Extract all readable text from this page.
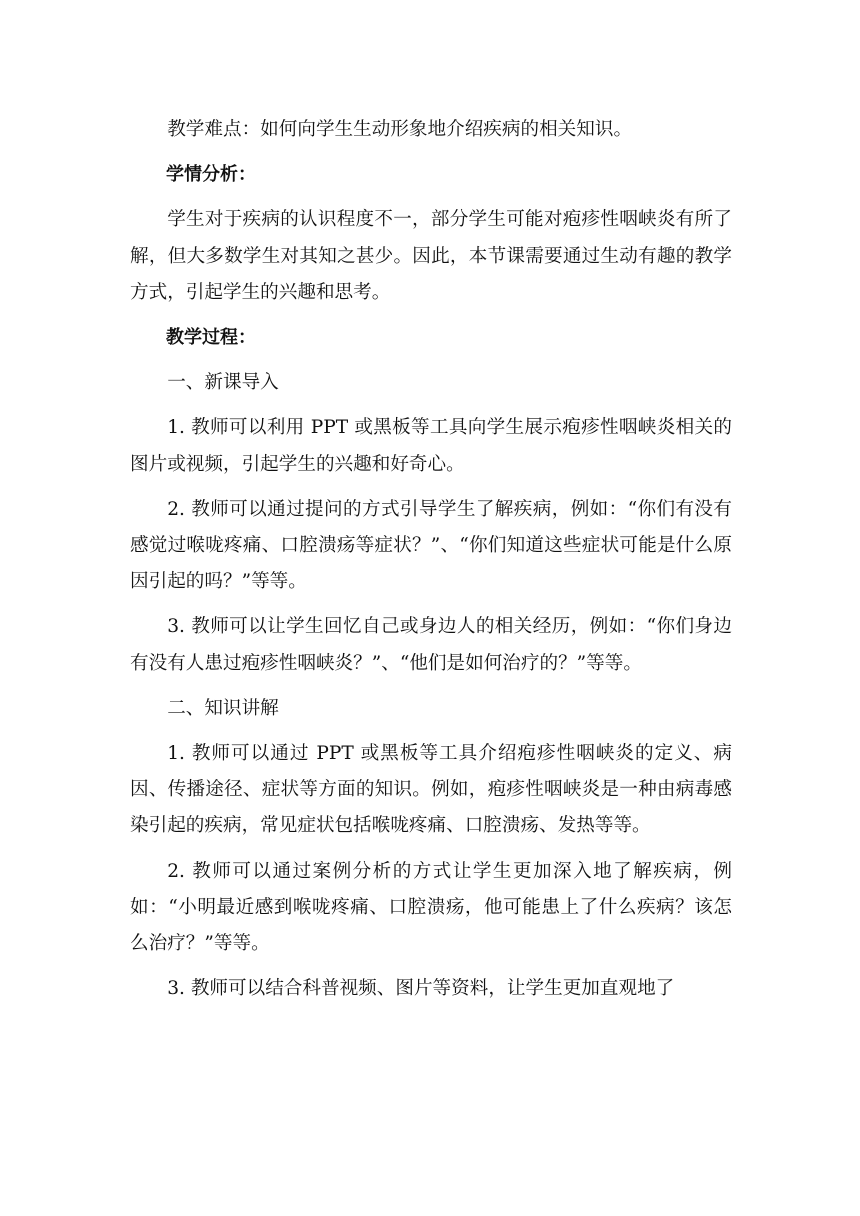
教学难点：如何向学生生动形象地介绍疾病的相关知识。

学情分析：

学生对于疾病的认识程度不一，部分学生可能对疱疹性咽峡炎有所了解，但大多数学生对其知之甚少。因此，本节课需要通过生动有趣的教学方式，引起学生的兴趣和思考。

教学过程：

一、新课导入

1. 教师可以利用 PPT 或黑板等工具向学生展示疱疹性咽峡炎相关的图片或视频，引起学生的兴趣和好奇心。

2. 教师可以通过提问的方式引导学生了解疾病，例如：“你们有没有感觉过喉咙疼痛、口腔溃疡等症状？”、“你们知道这些症状可能是什么原因引起的吗？”等等。

3. 教师可以让学生回忆自己或身边人的相关经历，例如：“你们身边有没有人患过疱疹性咽峡炎？”、“他们是如何治疗的？”等等。

二、知识讲解

1. 教师可以通过 PPT 或黑板等工具介绍疱疹性咽峡炎的定义、病因、传播途径、症状等方面的知识。例如，疱疹性咽峡炎是一种由病毒感染引起的疾病，常见症状包括喉咙疼痛、口腔溃疡、发热等等。

2. 教师可以通过案例分析的方式让学生更加深入地了解疾病，例如：“小明最近感到喉咙疼痛、口腔溃疡，他可能患上了什么疾病？该怎么治疗？”等等。

3. 教师可以结合科普视频、图片等资料，让学生更加直观地了
